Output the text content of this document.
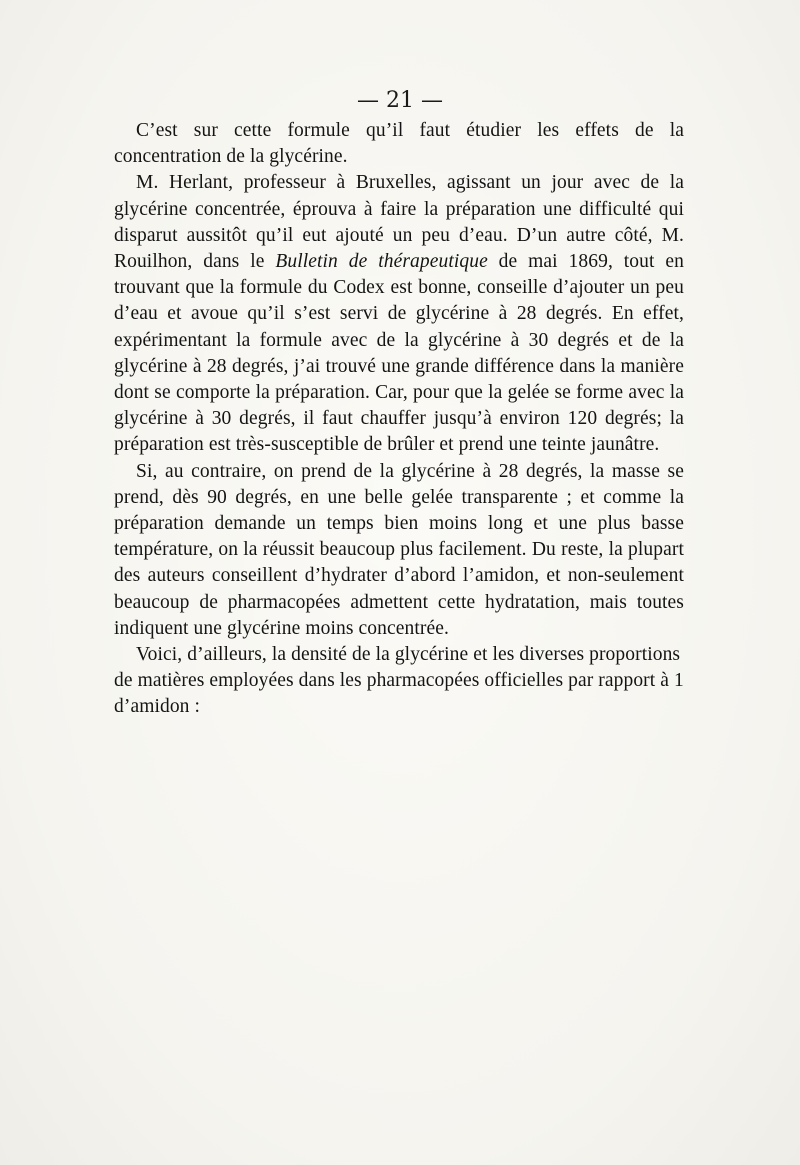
— 21 —

C’est sur cette formule qu’il faut étudier les effets de la concentration de la glycérine.

M. Herlant, professeur à Bruxelles, agissant un jour avec de la glycérine concentrée, éprouva à faire la préparation une difficulté qui disparut aussitôt qu’il eut ajouté un peu d’eau. D’un autre côté, M. Rouilhon, dans le Bulletin de thérapeutique de mai 1869, tout en trouvant que la formule du Codex est bonne, conseille d’ajouter un peu d’eau et avoue qu’il s’est servi de glycérine à 28 degrés. En effet, expérimentant la formule avec de la glycérine à 30 degrés et de la glycérine à 28 degrés, j’ai trouvé une grande différence dans la manière dont se comporte la préparation. Car, pour que la gelée se forme avec la glycérine à 30 degrés, il faut chauffer jusqu’à environ 120 degrés; la préparation est très-susceptible de brûler et prend une teinte jaunâtre.

Si, au contraire, on prend de la glycérine à 28 degrés, la masse se prend, dès 90 degrés, en une belle gelée transparente ; et comme la préparation demande un temps bien moins long et une plus basse température, on la réussit beaucoup plus facilement. Du reste, la plupart des auteurs conseillent d’hydrater d’abord l’amidon, et non-seulement beaucoup de pharmacopées admettent cette hydratation, mais toutes indiquent une glycérine moins concentrée.

Voici, d’ailleurs, la densité de la glycérine et les diverses proportions de matières employées dans les pharmacopées officielles par rapport à 1 d’amidon :
